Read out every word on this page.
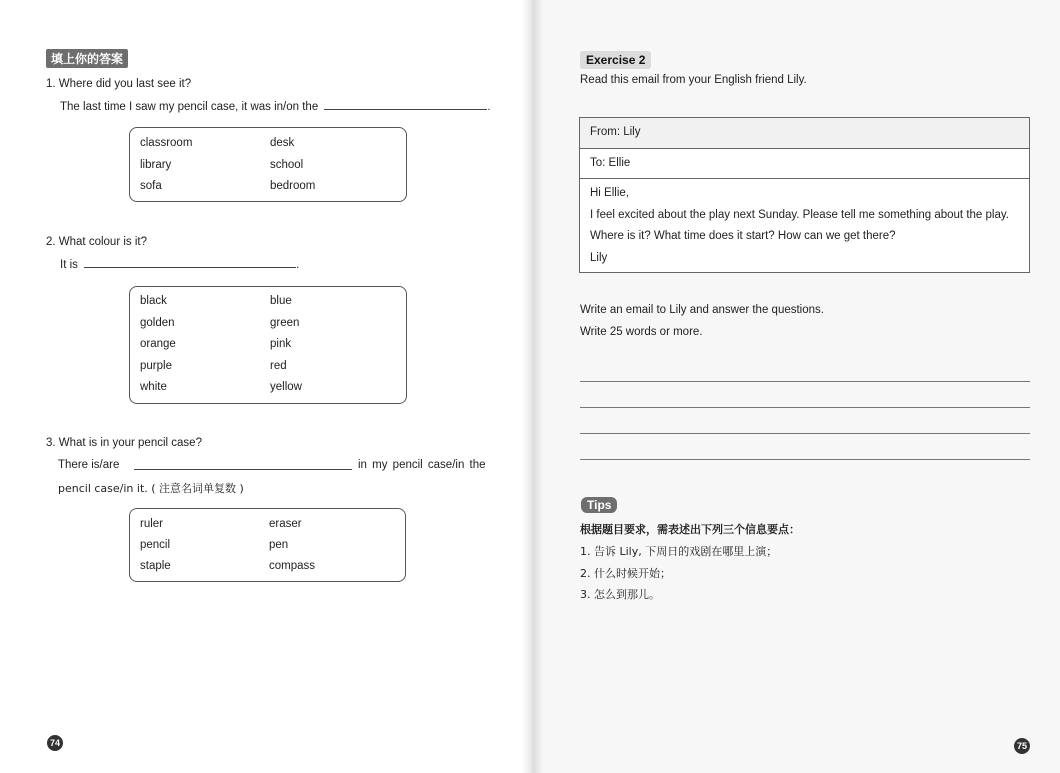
填上你的答案
1. Where did you last see it?
The last time I saw my pencil case, it was in/on the	.
classroom	desk
library	school
sofa	bedroom
2. What colour is it?
It is	.
black	blue
golden	green
orange	pink
purple	red
white	yellow
3. What is in your pencil case?
There is/are	in my pencil case/in the
pencil case/in it. ( 注意名词单复数 )
ruler	eraser
pencil	pen
staple	compass
74
Exercise 2
Read this email from your English friend Lily.
From: Lily
To: Ellie
Hi Ellie,
I feel excited about the play next Sunday. Please tell me something about the play.
Where is it? What time does it start? How can we get there?
Lily
Write an email to Lily and answer the questions.
Write 25 words or more.
Tips
根据题目要求，需表述出下列三个信息要点：
1. 告诉 Lily, 下周日的戏剧在哪里上演；
2. 什么时候开始；
3. 怎么到那儿。
75
